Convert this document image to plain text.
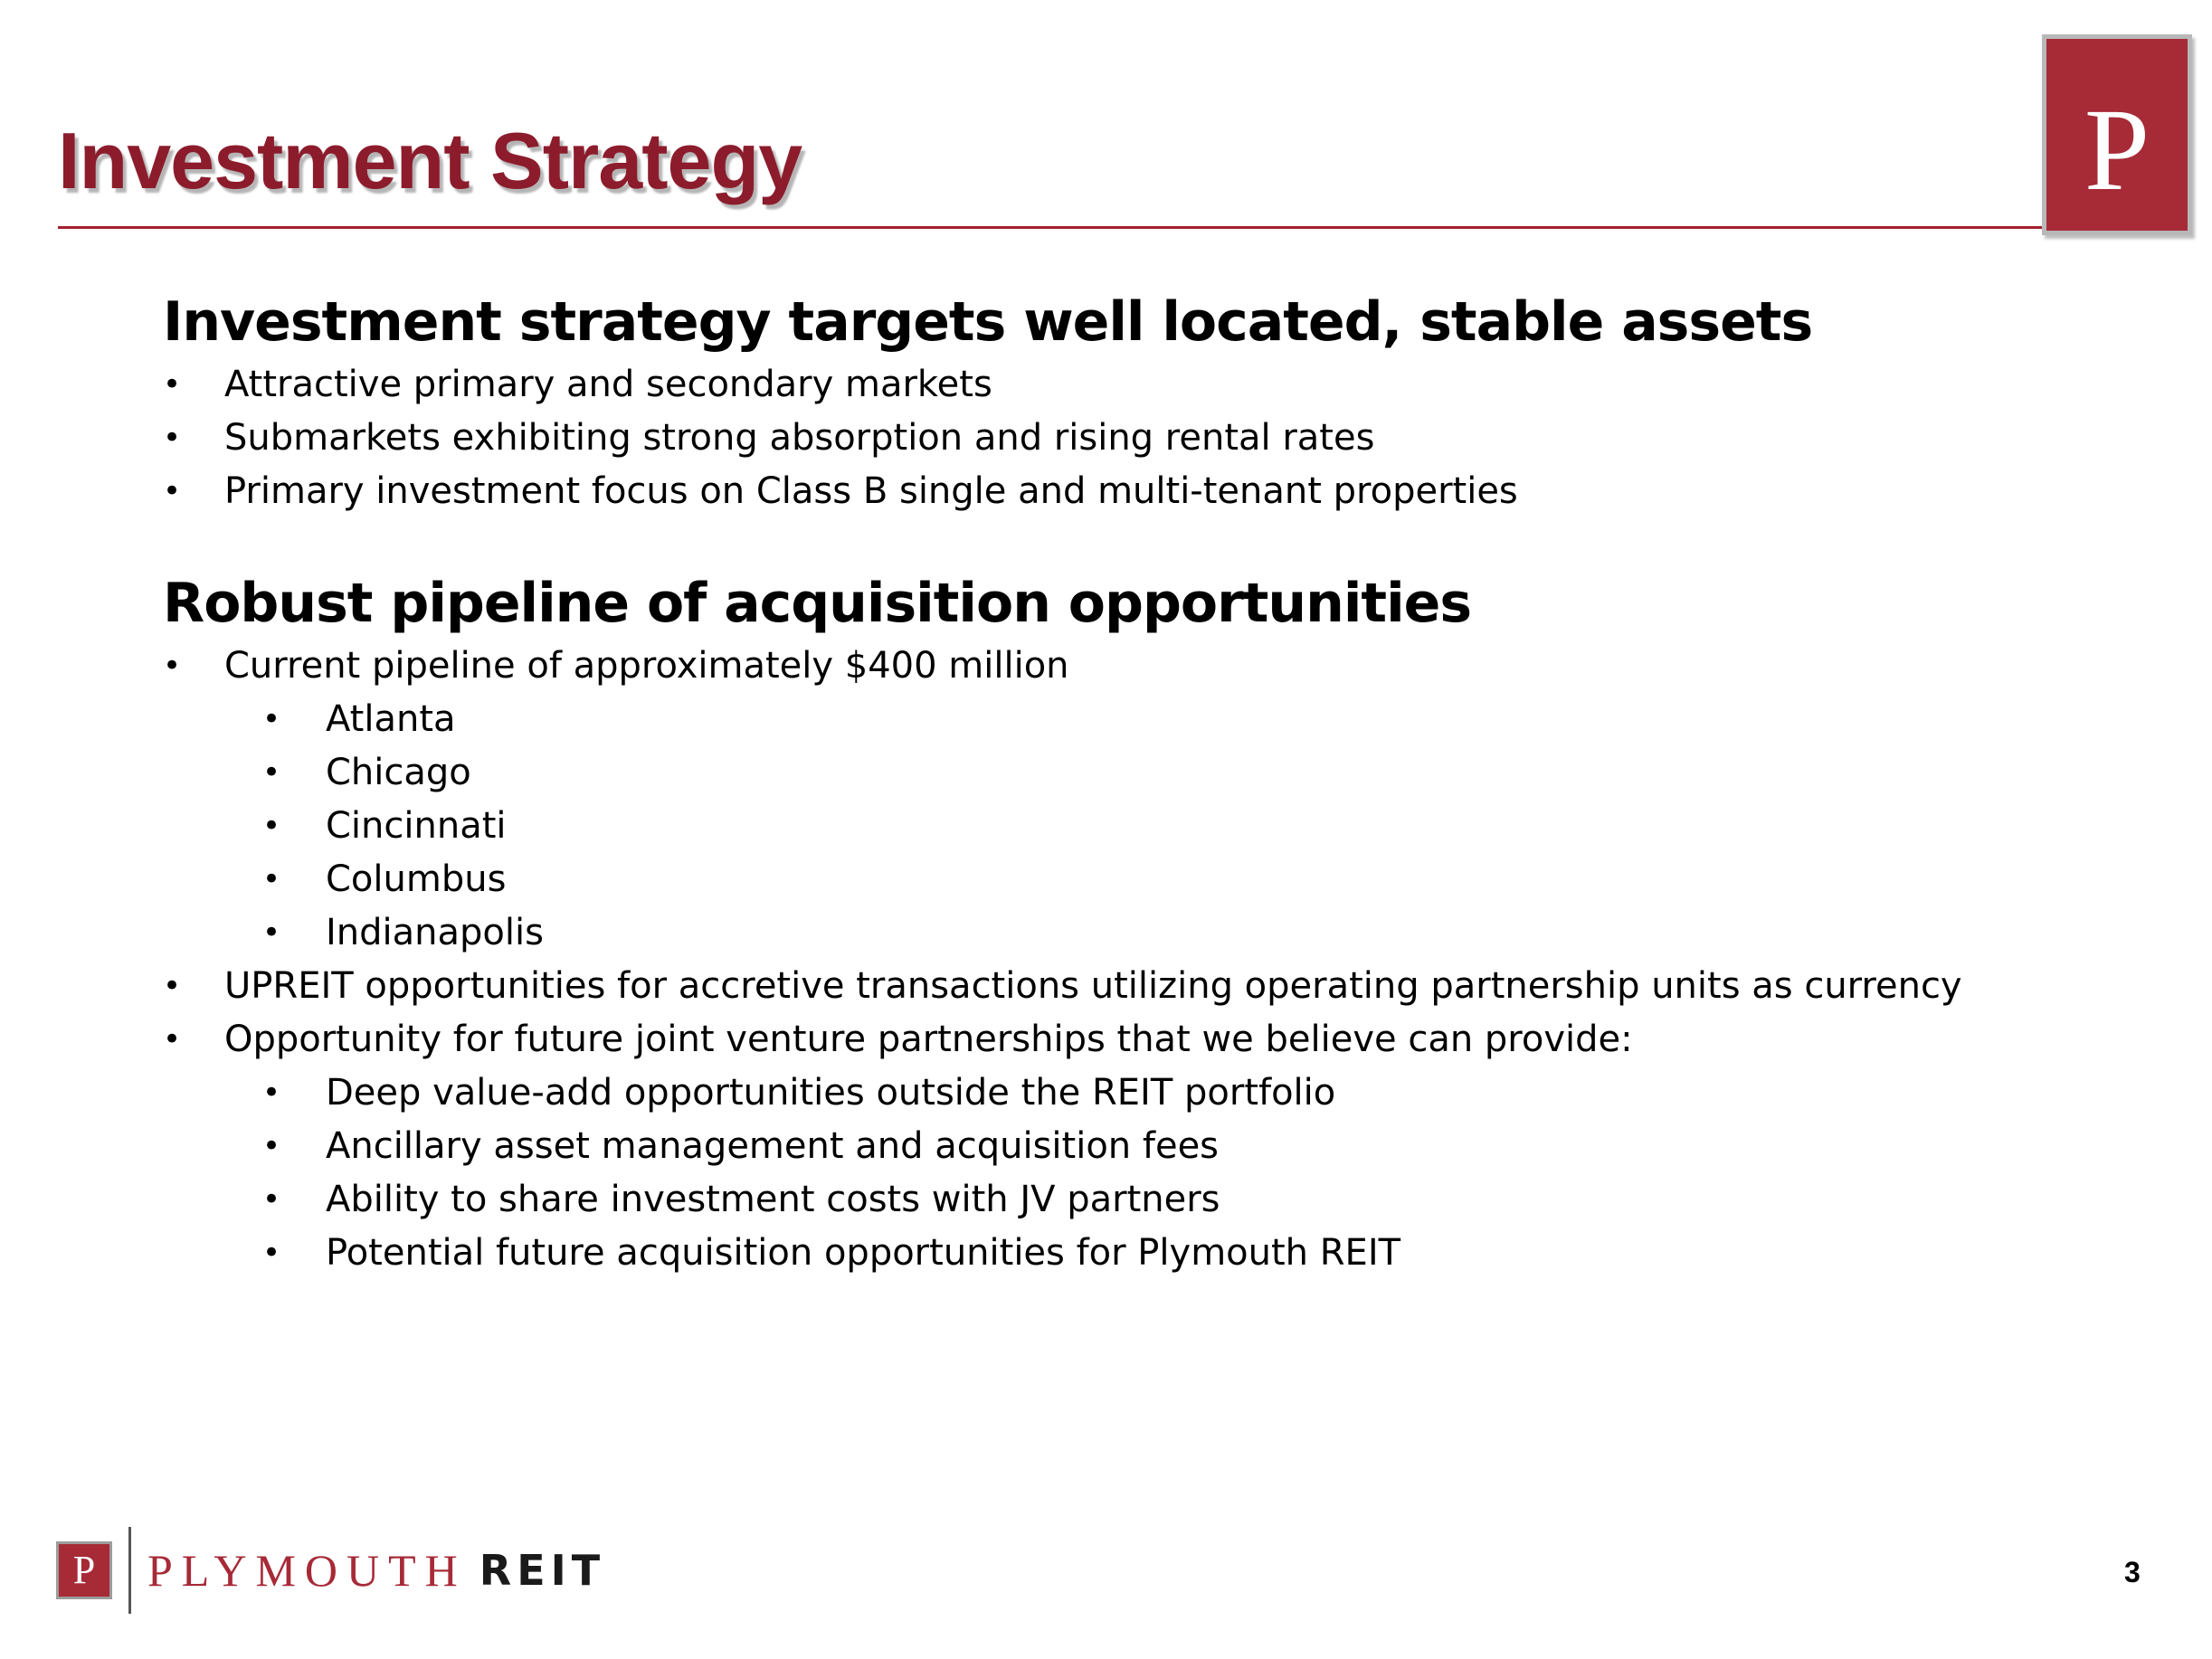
Investment Strategy	P
Investment strategy targets well located, stable assets
• Attractive primary and secondary markets
• Submarkets exhibiting strong absorption and rising rental rates
• Primary investment focus on Class B single and multi-tenant properties
Robust pipeline of acquisition opportunities
• Current pipeline of approximately $400 million
• Atlanta
• Chicago
• Cincinnati
• Columbus
• Indianapolis
• UPREIT opportunities for accretive transactions utilizing operating partnership units as currency
• Opportunity for future joint venture partnerships that we believe can provide:
• Deep value-add opportunities outside the REIT portfolio
• Ancillary asset management and acquisition fees
• Ability to share investment costs with JV partners
• Potential future acquisition opportunities for Plymouth REIT
P	PLYMOUTH REIT	3
